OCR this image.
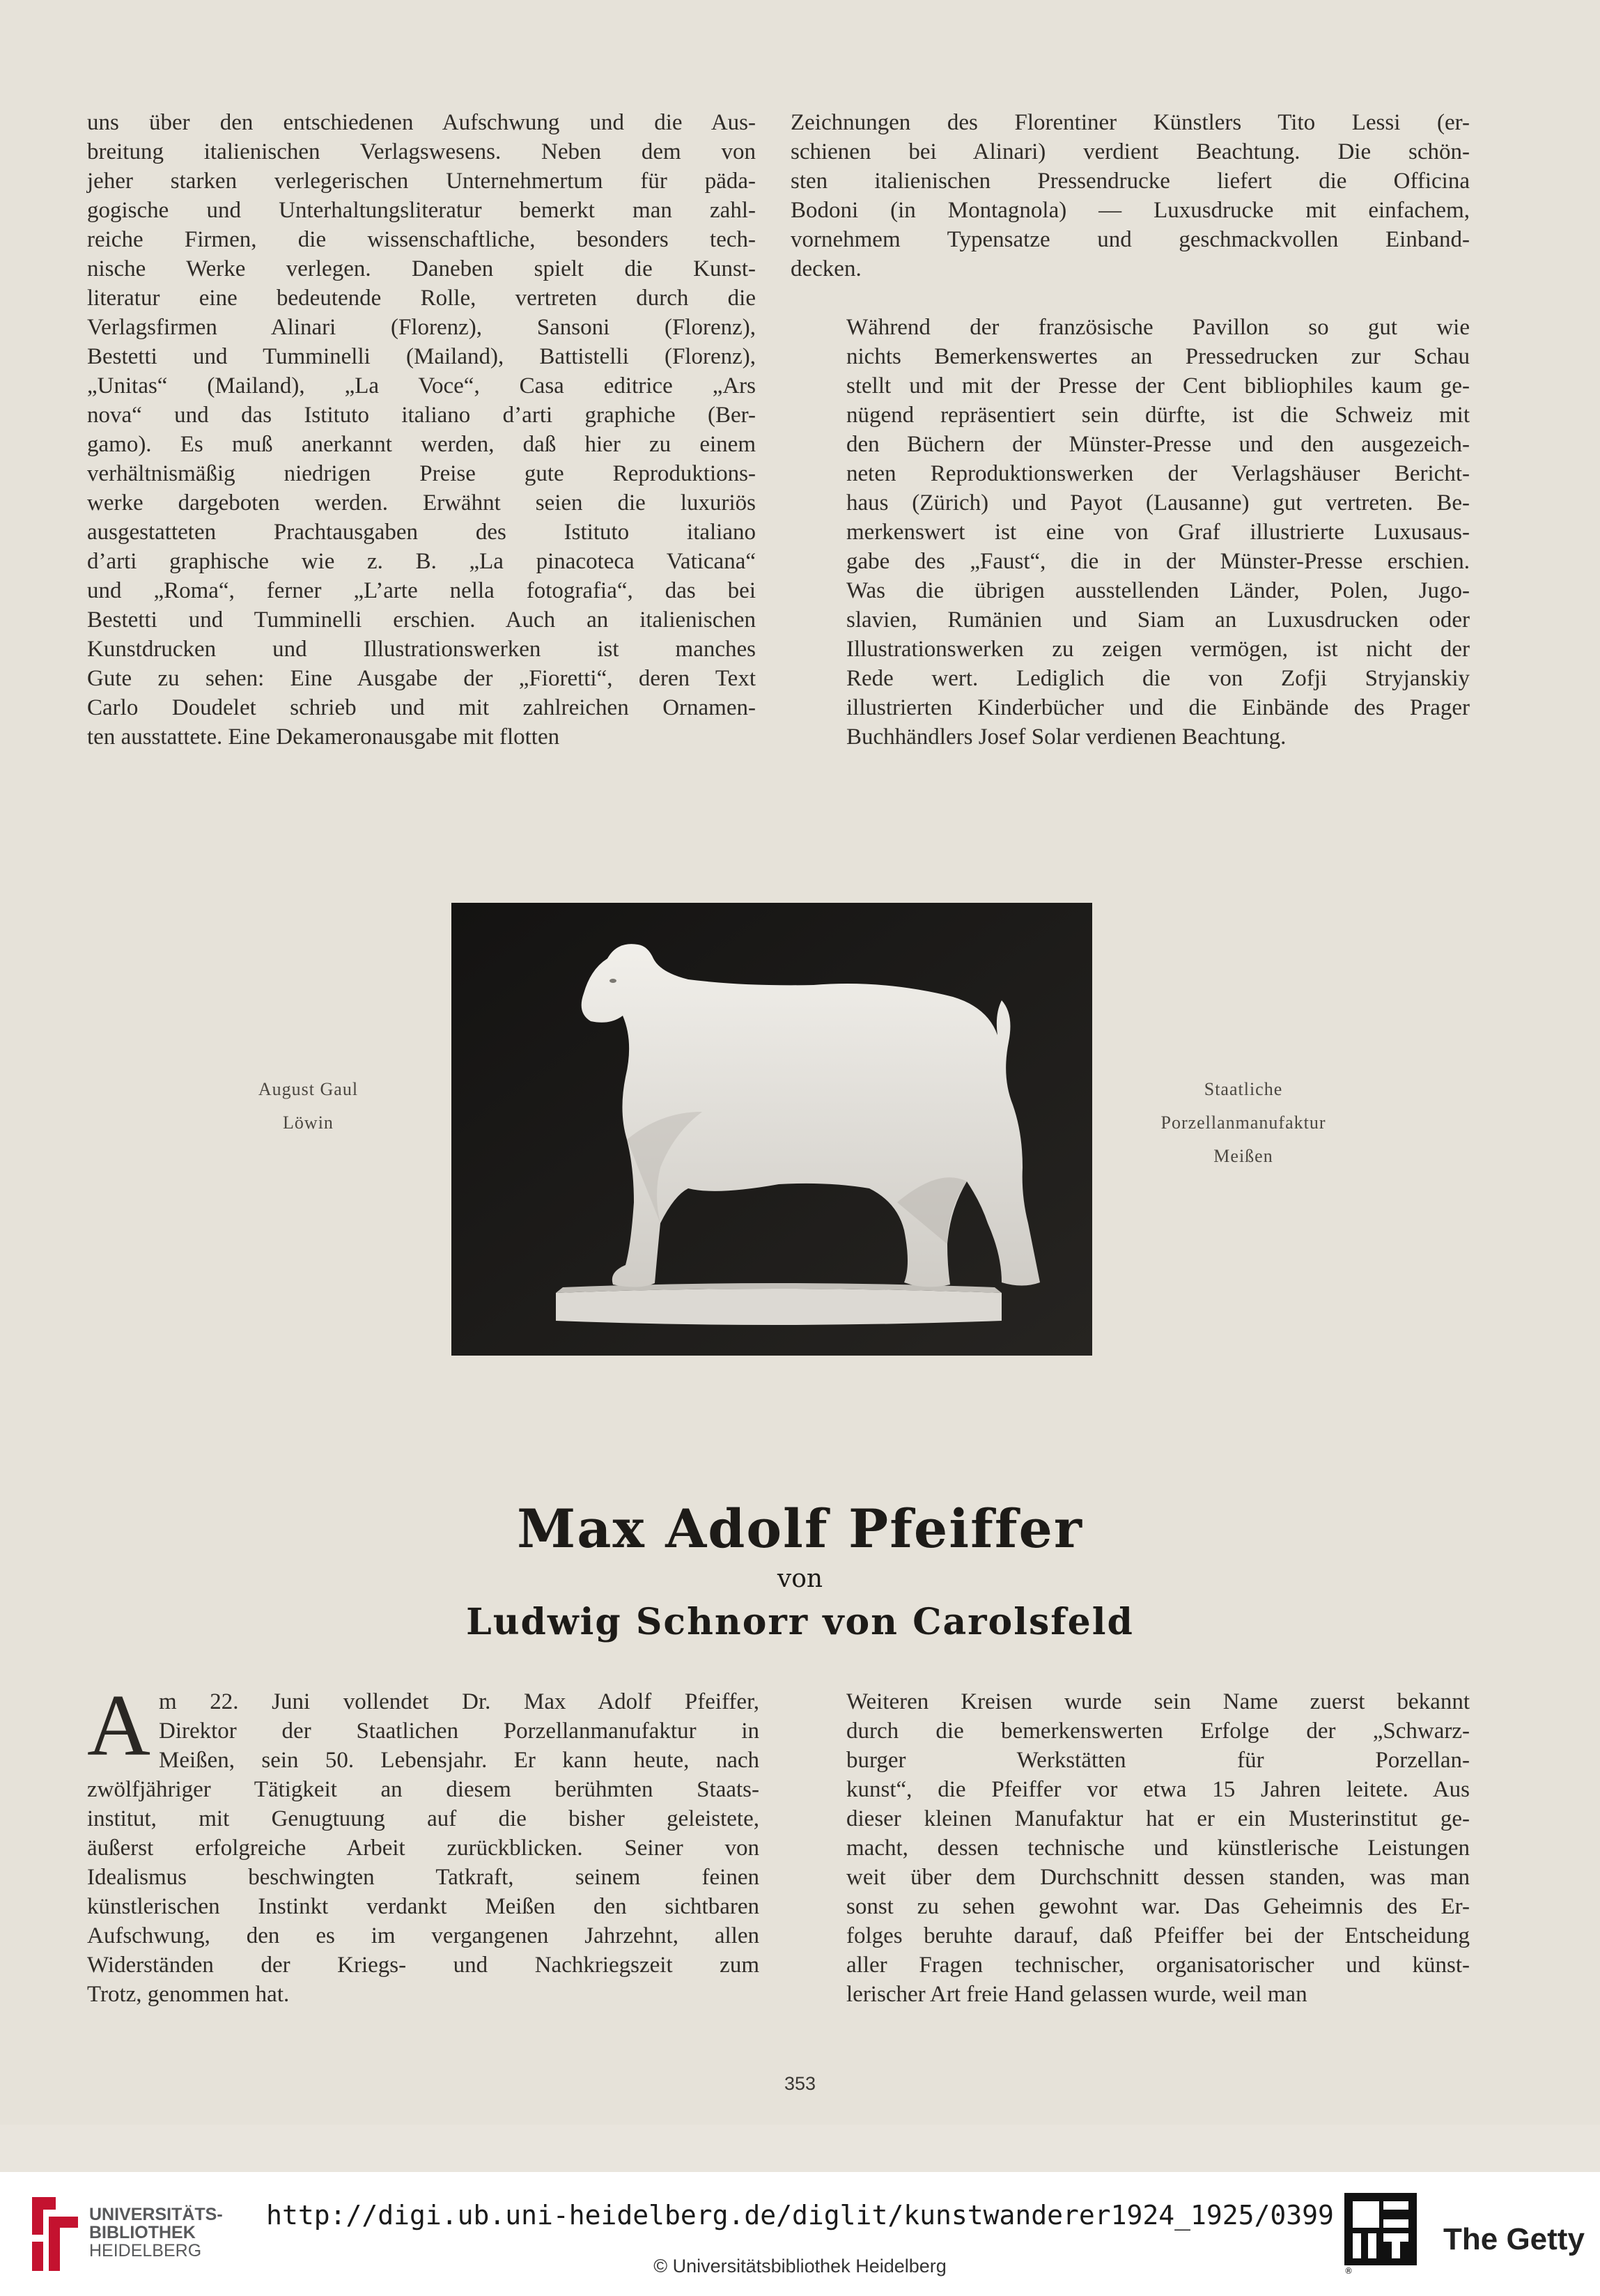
uns über den entschiedenen Aufschwung und die Aus-
breitung italienischen Verlagswesens. Neben dem von
jeher starken verlegerischen Unternehmertum für päda-
gogische und Unterhaltungsliteratur bemerkt man zahl-
reiche Firmen, die wissenschaftliche, besonders tech-
nische Werke verlegen. Daneben spielt die Kunst-
literatur eine bedeutende Rolle, vertreten durch die
Verlagsfirmen Alinari (Florenz), Sansoni (Florenz),
Bestetti und Tumminelli (Mailand), Battistelli (Florenz),
„Unitas“ (Mailand), „La Voce“, Casa editrice „Ars
nova“ und das Istituto italiano d’arti graphiche (Ber-
gamo). Es muß anerkannt werden, daß hier zu einem
verhältnismäßig niedrigen Preise gute Reproduktions-
werke dargeboten werden. Erwähnt seien die luxuriös
ausgestatteten Prachtausgaben des Istituto italiano
d’arti graphische wie z. B. „La pinacoteca Vaticana“
und „Roma“, ferner „L’arte nella fotografia“, das bei
Bestetti und Tumminelli erschien. Auch an italienischen
Kunstdrucken und Illustrationswerken ist manches
Gute zu sehen: Eine Ausgabe der „Fioretti“, deren Text
Carlo Doudelet schrieb und mit zahlreichen Ornamen-
ten ausstattete. Eine Dekameronausgabe mit flotten

Zeichnungen des Florentiner Künstlers Tito Lessi (er-
schienen bei Alinari) verdient Beachtung. Die schön-
sten italienischen Pressendrucke liefert die Officina
Bodoni (in Montagnola) — Luxusdrucke mit einfachem,
vornehmem Typensatze und geschmackvollen Einband-
decken.

Während der französische Pavillon so gut wie
nichts Bemerkenswertes an Pressedrucken zur Schau
stellt und mit der Presse der Cent bibliophiles kaum ge-
nügend repräsentiert sein dürfte, ist die Schweiz mit
den Büchern der Münster-Presse und den ausgezeich-
neten Reproduktionswerken der Verlagshäuser Bericht-
haus (Zürich) und Payot (Lausanne) gut vertreten. Be-
merkenswert ist eine von Graf illustrierte Luxusaus-
gabe des „Faust“, die in der Münster-Presse erschien.
Was die übrigen ausstellenden Länder, Polen, Jugo-
slavien, Rumänien und Siam an Luxusdrucken oder
Illustrationswerken zu zeigen vermögen, ist nicht der
Rede wert. Lediglich die von Zofji Stryjanskiy
illustrierten Kinderbücher und die Einbände des Prager
Buchhändlers Josef Solar verdienen Beachtung.

August Gaul
Löwin
Staatliche
Porzellanmanufaktur
Meißen
Max Adolf Pfeiffer
von
Ludwig Schnorr von Carolsfeld
A m 22. Juni vollendet Dr. Max Adolf Pfeiffer,
Direktor der Staatlichen Porzellanmanufaktur in
Meißen, sein 50. Lebensjahr. Er kann heute, nach
zwölfjähriger Tätigkeit an diesem berühmten Staats-
institut, mit Genugtuung auf die bisher geleistete,
äußerst erfolgreiche Arbeit zurückblicken. Seiner von
Idealismus beschwingten Tatkraft, seinem feinen
künstlerischen Instinkt verdankt Meißen den sichtbaren
Aufschwung, den es im vergangenen Jahrzehnt, allen
Widerständen der Kriegs- und Nachkriegszeit zum
Trotz, genommen hat.
Weiteren Kreisen wurde sein Name zuerst bekannt
durch die bemerkenswerten Erfolge der „Schwarz-
burger Werkstätten für Porzellan-
kunst“, die Pfeiffer vor etwa 15 Jahren leitete. Aus
dieser kleinen Manufaktur hat er ein Musterinstitut ge-
macht, dessen technische und künstlerische Leistungen
weit über dem Durchschnitt dessen standen, was man
sonst zu sehen gewohnt war. Das Geheimnis des Er-
folges beruhte darauf, daß Pfeiffer bei der Entscheidung
aller Fragen technischer, organisatorischer und künst-
lerischer Art freie Hand gelassen wurde, weil man
353
UNIVERSITÄTS-
BIBLIOTHEK
HEIDELBERG
http://digi.ub.uni-heidelberg.de/diglit/kunstwanderer1924_1925/0399
© Universitätsbibliothek Heidelberg	®
The Getty
